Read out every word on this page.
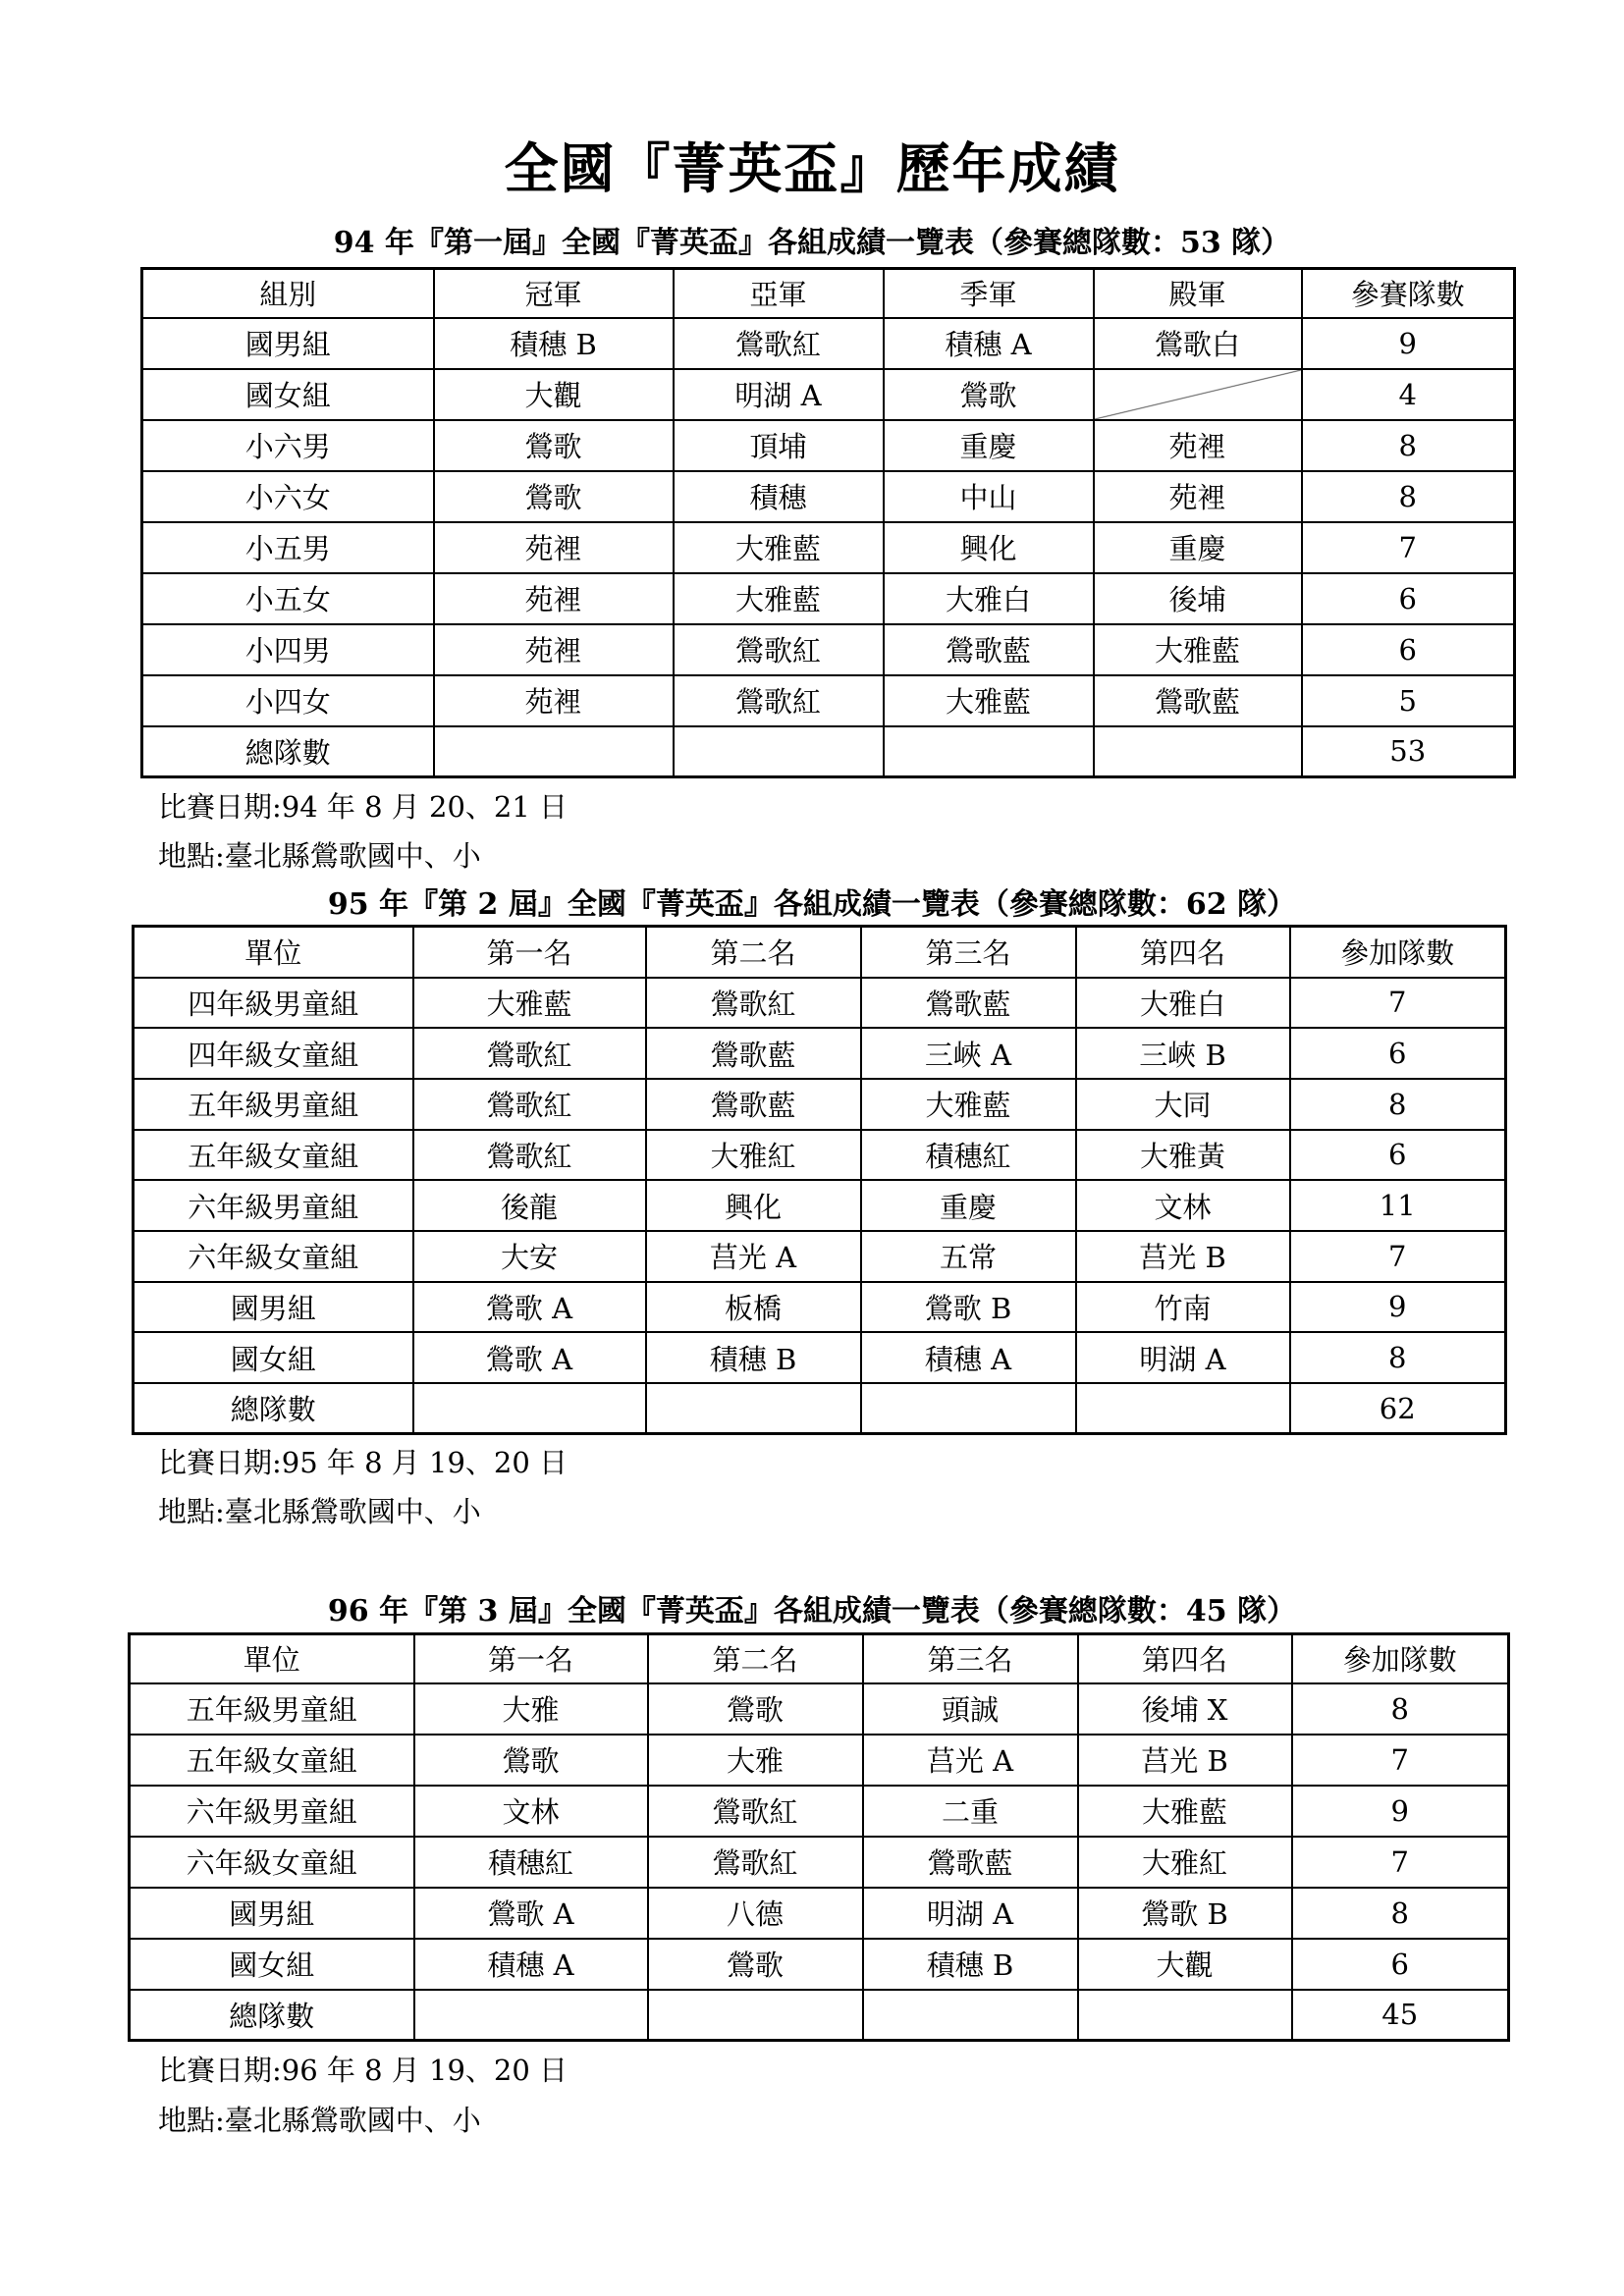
全國『菁英盃』歷年成績
94 年『第一屆』全國『菁英盃』各組成績一覽表（參賽總隊數：53 隊）
組別	冠軍	亞軍	季軍	殿軍	參賽隊數
國男組	積穗 B	鶯歌紅	積穗 A	鶯歌白	9
國女組	大觀	明湖 A	鶯歌		4
小六男	鶯歌	頂埔	重慶	苑裡	8
小六女	鶯歌	積穗	中山	苑裡	8
小五男	苑裡	大雅藍	興化	重慶	7
小五女	苑裡	大雅藍	大雅白	後埔	6
小四男	苑裡	鶯歌紅	鶯歌藍	大雅藍	6
小四女	苑裡	鶯歌紅	大雅藍	鶯歌藍	5
總隊數					53
比賽日期:94 年 8 月 20、21 日
地點:臺北縣鶯歌國中、小
95 年『第 2 屆』全國『菁英盃』各組成績一覽表（參賽總隊數：62 隊）
單位	第一名	第二名	第三名	第四名	參加隊數
四年級男童組	大雅藍	鶯歌紅	鶯歌藍	大雅白	7
四年級女童組	鶯歌紅	鶯歌藍	三峽 A	三峽 B	6
五年級男童組	鶯歌紅	鶯歌藍	大雅藍	大同	8
五年級女童組	鶯歌紅	大雅紅	積穗紅	大雅黃	6
六年級男童組	後龍	興化	重慶	文林	11
六年級女童組	大安	莒光 A	五常	莒光 B	7
國男組	鶯歌 A	板橋	鶯歌 B	竹南	9
國女組	鶯歌 A	積穗 B	積穗 A	明湖 A	8
總隊數					62
比賽日期:95 年 8 月 19、20 日
地點:臺北縣鶯歌國中、小
96 年『第 3 屆』全國『菁英盃』各組成績一覽表（參賽總隊數：45 隊）
單位	第一名	第二名	第三名	第四名	參加隊數
五年級男童組	大雅	鶯歌	頭誠	後埔 X	8
五年級女童組	鶯歌	大雅	莒光 A	莒光 B	7
六年級男童組	文林	鶯歌紅	二重	大雅藍	9
六年級女童組	積穗紅	鶯歌紅	鶯歌藍	大雅紅	7
國男組	鶯歌 A	八德	明湖 A	鶯歌 B	8
國女組	積穗 A	鶯歌	積穗 B	大觀	6
總隊數					45
比賽日期:96 年 8 月 19、20 日
地點:臺北縣鶯歌國中、小
